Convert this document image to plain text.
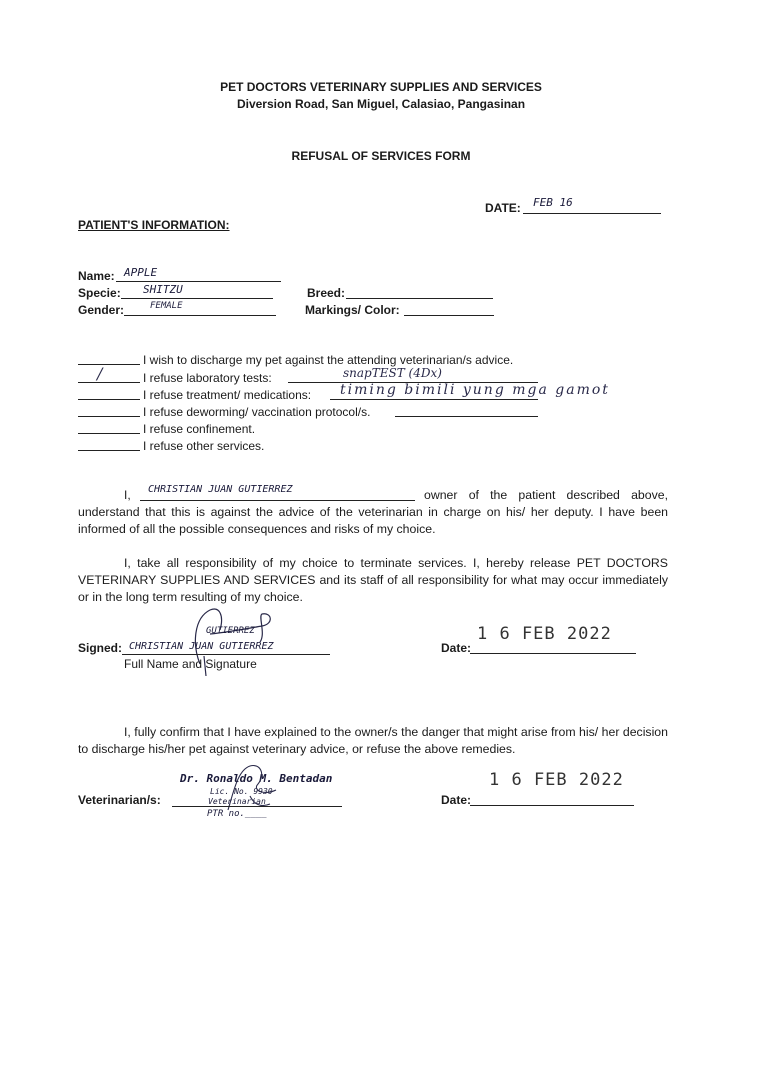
PET DOCTORS VETERINARY SUPPLIES AND SERVICES
Diversion Road, San Miguel, Calasiao, Pangasinan
REFUSAL OF SERVICES FORM
DATE: FEB 16
PATIENT'S INFORMATION:
Name: APPLE
Specie: SHITZU
Gender:	FEMALE
Breed:
Markings/ Color:
I wish to discharge my pet against the attending veterinarian/s advice.
/	I refuse laboratory tests:	snapTEST (4Dx)
I refuse treatment/ medications: timing bimili yung mga gamot
I refuse deworming/ vaccination protocol/s.
I refuse confinement.
I refuse other services.
I, CHRISTIAN JUAN GUTIERREZ	owner of the patient described above, understand that this is against the advice of the veterinarian in charge on his/ her deputy. I have been informed of all the possible consequences and risks of my choice.
I, take all responsibility of my choice to terminate services. I, hereby release PET DOCTORS VETERINARY SUPPLIES AND SERVICES and its staff of all responsibility for what may occur immediately or in the long term resulting of my choice.
GUTIERREZ
Signed: CHRISTIAN JUAN GUTIERREZ
Full Name and Signature
Date:
1 6 FEB 2022
I, fully confirm that I have explained to the owner/s the danger that might arise from his/ her decision to discharge his/her pet against veterinary advice, or refuse the above remedies.
Dr. Ronaldo M. Bentadan
Lic. No. 9930
Veterinarian
PTR no.____
Veterinarian/s:	Date:
1 6 FEB 2022
